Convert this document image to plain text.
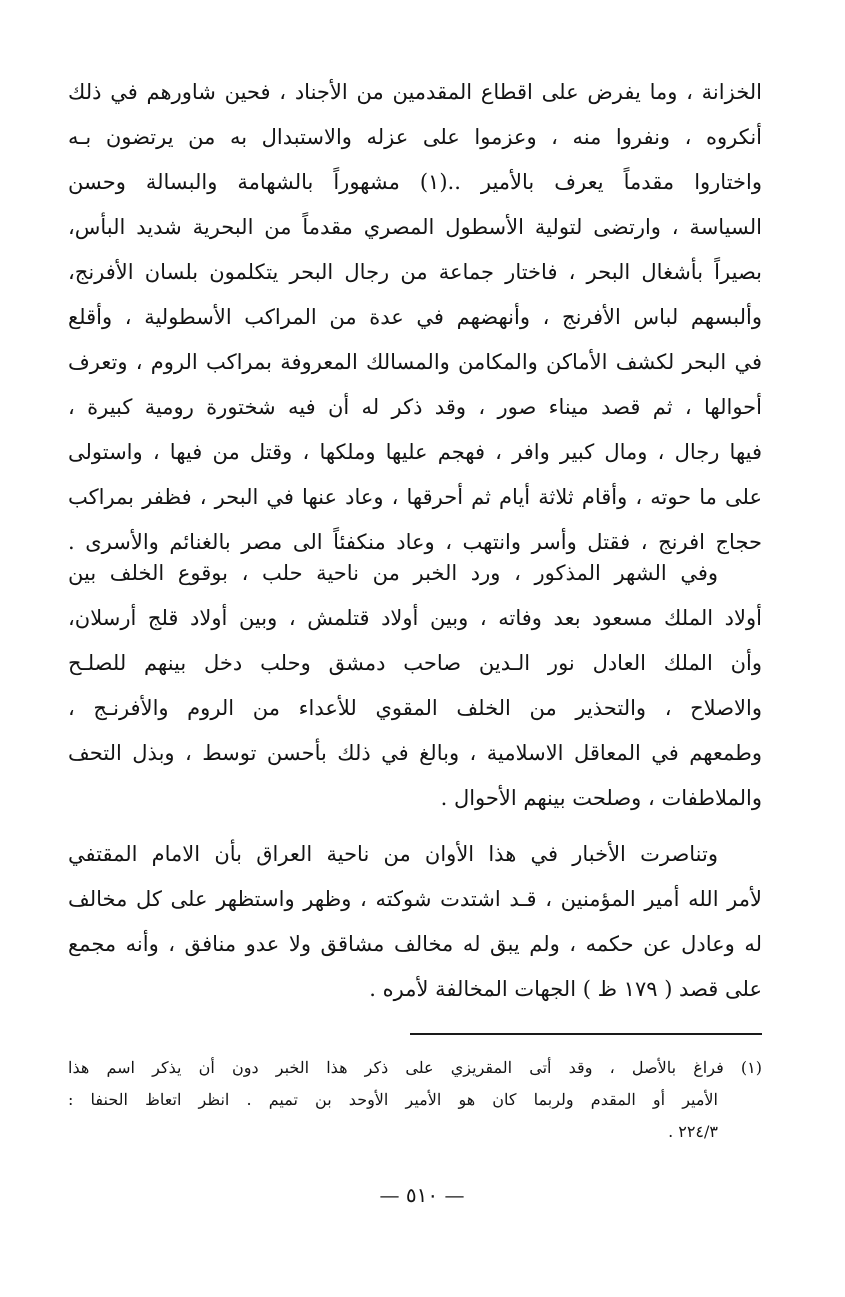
الخزانة ، وما يفرض على اقطاع المقدمين من الأجناد ، فحين شاورهم في ذلك
أنكروه ، ونفروا منه ، وعزموا على عزله والاستبدال به من يرتضون بـه
واختاروا مقدماً يعرف بالأمير ..(١) مشهوراً بالشهامة والبسالة وحسن
السياسة ، وارتضى لتولية الأسطول المصري مقدماً من البحرية شديد البأس،
بصيراً بأشغال البحر ، فاختار جماعة من رجال البحر يتكلمون بلسان الأفرنج،
وألبسهم لباس الأفرنج ، وأنهضهم في عدة من المراكب الأسطولية ، وأقلع
في البحر لكشف الأماكن والمكامن والمسالك المعروفة بمراكب الروم ، وتعرف
أحوالها ، ثم قصد ميناء صور ، وقد ذكر له أن فيه شختورة رومية كبيرة ،
فيها رجال ، ومال كبير وافر ، فهجم عليها وملكها ، وقتل من فيها ، واستولى
على ما حوته ، وأقام ثلاثة أيام ثم أحرقها ، وعاد عنها في البحر ، فظفر بمراكب
حجاج افرنج ، فقتل وأسر وانتهب ، وعاد منكفئاً الى مصر بالغنائم والأسرى .
وفي الشهر المذكور ، ورد الخبر من ناحية حلب ، بوقوع الخلف بين
أولاد الملك مسعود بعد وفاته ، وبين أولاد قتلمش ، وبين أولاد قلج أرسلان،
وأن الملك العادل نور الـدين صاحب دمشق وحلب دخل بينهم للصلـح
والاصلاح ، والتحذير من الخلف المقوي للأعداء من الروم والأفرنـج ،
وطمعهم في المعاقل الاسلامية ، وبالغ في ذلك بأحسن توسط ، وبذل التحف
والملاطفات ، وصلحت بينهم الأحوال .
وتناصرت الأخبار في هذا الأوان من ناحية العراق بأن الامام المقتفي
لأمر الله أمير المؤمنين ، قـد اشتدت شوكته ، وظهر واستظهر على كل مخالف
له وعادل عن حكمه ، ولم يبق له مخالف مشاقق ولا عدو منافق ، وأنه مجمع
على قصد ( ١٧٩ ظ ) الجهات المخالفة لأمره .
(١) فراغ بالأصل ، وقد أتى المقريزي على ذكر هذا الخبر دون أن يذكر اسم هذا
الأمير أو المقدم ولربما كان هو الأمير الأوحد بن تميم . انظر اتعاظ الحنفا :
٢٢٤/٣ .
— ٥١٠ —
